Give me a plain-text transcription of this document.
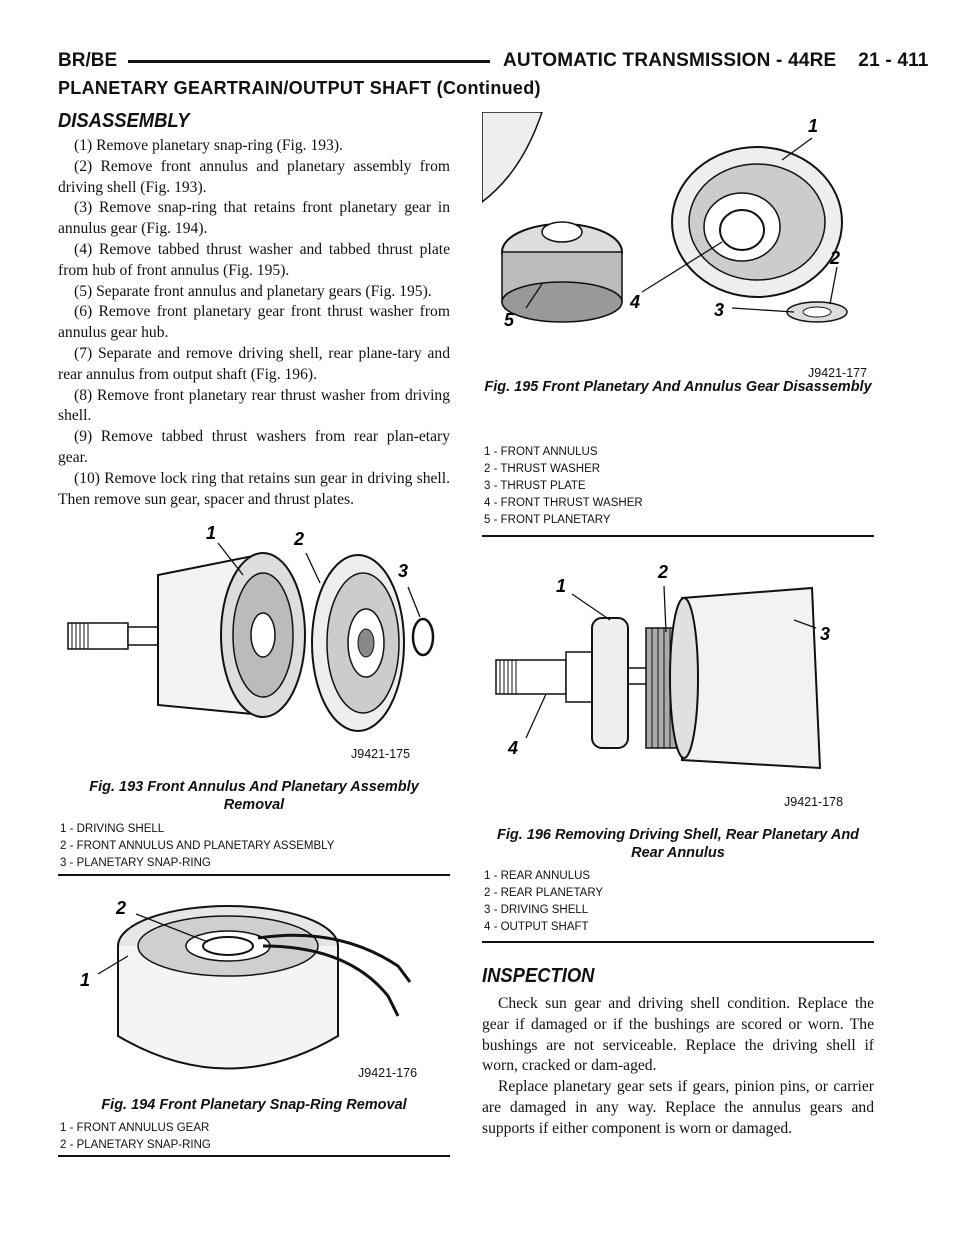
BR/BE	AUTOMATIC TRANSMISSION - 44RE    21 - 411
PLANETARY GEARTRAIN/OUTPUT SHAFT (Continued)
DISASSEMBLY

(1) Remove planetary snap-ring (Fig. 193).

(2) Remove front annulus and planetary assembly from driving shell (Fig. 193).

(3) Remove snap-ring that retains front planetary gear in annulus gear (Fig. 194).

(4) Remove tabbed thrust washer and tabbed thrust plate from hub of front annulus (Fig. 195).

(5) Separate front annulus and planetary gears (Fig. 195).

(6) Remove front planetary gear front thrust washer from annulus gear hub.

(7) Separate and remove driving shell, rear plane-tary and rear annulus from output shaft (Fig. 196).

(8) Remove front planetary rear thrust washer from driving shell.

(9) Remove tabbed thrust washers from rear plan-etary gear.

(10) Remove lock ring that retains sun gear in driving shell. Then remove sun gear, spacer and thrust plates.

1	2
3
J9421-175
Fig. 193 Front Annulus And Planetary Assembly Removal
1 - DRIVING SHELL
2 - FRONT ANNULUS AND PLANETARY ASSEMBLY
3 - PLANETARY SNAP-RING
2
1
J9421-176
Fig. 194 Front Planetary Snap-Ring Removal
1 - FRONT ANNULUS GEAR
2 - PLANETARY SNAP-RING
1
2
3
4
5
J9421-177
Fig. 195 Front Planetary And Annulus Gear Disassembly
1 - FRONT ANNULUS
2 - THRUST WASHER
3 - THRUST PLATE
4 - FRONT THRUST WASHER
5 - FRONT PLANETARY
1
2
3
4
J9421-178
Fig. 196 Removing Driving Shell, Rear Planetary And Rear Annulus
1 - REAR ANNULUS
2 - REAR PLANETARY
3 - DRIVING SHELL
4 - OUTPUT SHAFT
INSPECTION

Check sun gear and driving shell condition. Replace the gear if damaged or if the bushings are scored or worn. The bushings are not serviceable. Replace the driving shell if worn, cracked or dam-aged.

Replace planetary gear sets if gears, pinion pins, or carrier are damaged in any way. Replace the annulus gears and supports if either component is worn or damaged.
